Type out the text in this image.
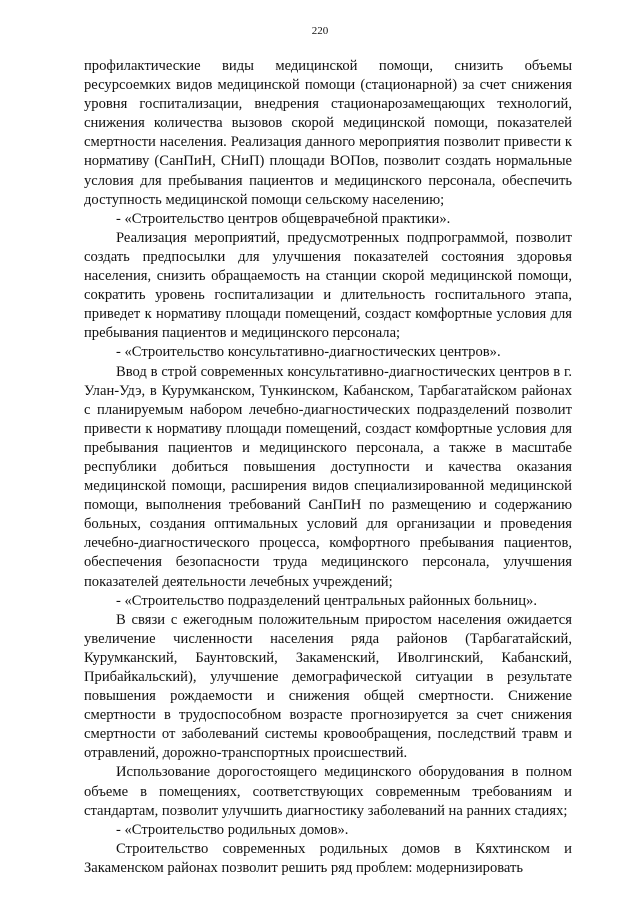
220

профилактические виды медицинской помощи, снизить объемы ресурсоемких видов медицинской помощи (стационарной) за счет снижения уровня госпитализации, внедрения стационарозамещающих технологий, снижения количества вызовов скорой медицинской помощи, показателей смертности населения. Реализация данного мероприятия позволит привести к нормативу (СанПиН, СНиП) площади ВОПов, позволит создать нормальные условия для пребывания пациентов и медицинского персонала, обеспечить доступность медицинской помощи сельскому населению;

- «Строительство центров общеврачебной практики».

Реализация мероприятий, предусмотренных подпрограммой, позволит создать предпосылки для улучшения показателей состояния здоровья населения, снизить обращаемость на станции скорой медицинской помощи, сократить уровень госпитализации и длительность госпитального этапа, приведет к нормативу площади помещений, создаст комфортные условия для пребывания пациентов и медицинского персонала;

- «Строительство консультативно-диагностических центров».

Ввод в строй современных консультативно-диагностических центров в г. Улан-Удэ, в Курумканском, Тункинском, Кабанском, Тарбагатайском районах с планируемым набором лечебно-диагностических подразделений позволит привести к нормативу площади помещений, создаст комфортные условия для пребывания пациентов и медицинского персонала, а также в масштабе республики добиться повышения доступности и качества оказания медицинской помощи, расширения видов специализированной медицинской помощи, выполнения требований СанПиН по размещению и содержанию больных, создания оптимальных условий для организации и проведения лечебно-диагностического процесса, комфортного пребывания пациентов, обеспечения безопасности труда медицинского персонала, улучшения показателей деятельности лечебных учреждений;

- «Строительство подразделений центральных районных больниц».

В связи с ежегодным положительным приростом населения ожидается увеличение численности населения ряда районов (Тарбагатайский, Курумканский, Баунтовский, Закаменский, Иволгинский, Кабанский, Прибайкальский), улучшение демографической ситуации в результате повышения рождаемости и снижения общей смертности. Снижение смертности в трудоспособном возрасте прогнозируется за счет снижения смертности от заболеваний системы кровообращения, последствий травм и отравлений, дорожно-транспортных происшествий.

Использование дорогостоящего медицинского оборудования в полном объеме в помещениях, соответствующих современным требованиям и стандартам, позволит улучшить диагностику заболеваний на ранних стадиях;

- «Строительство родильных домов».

Строительство современных родильных домов в Кяхтинском и Закаменском районах позволит решить ряд проблем: модернизировать
